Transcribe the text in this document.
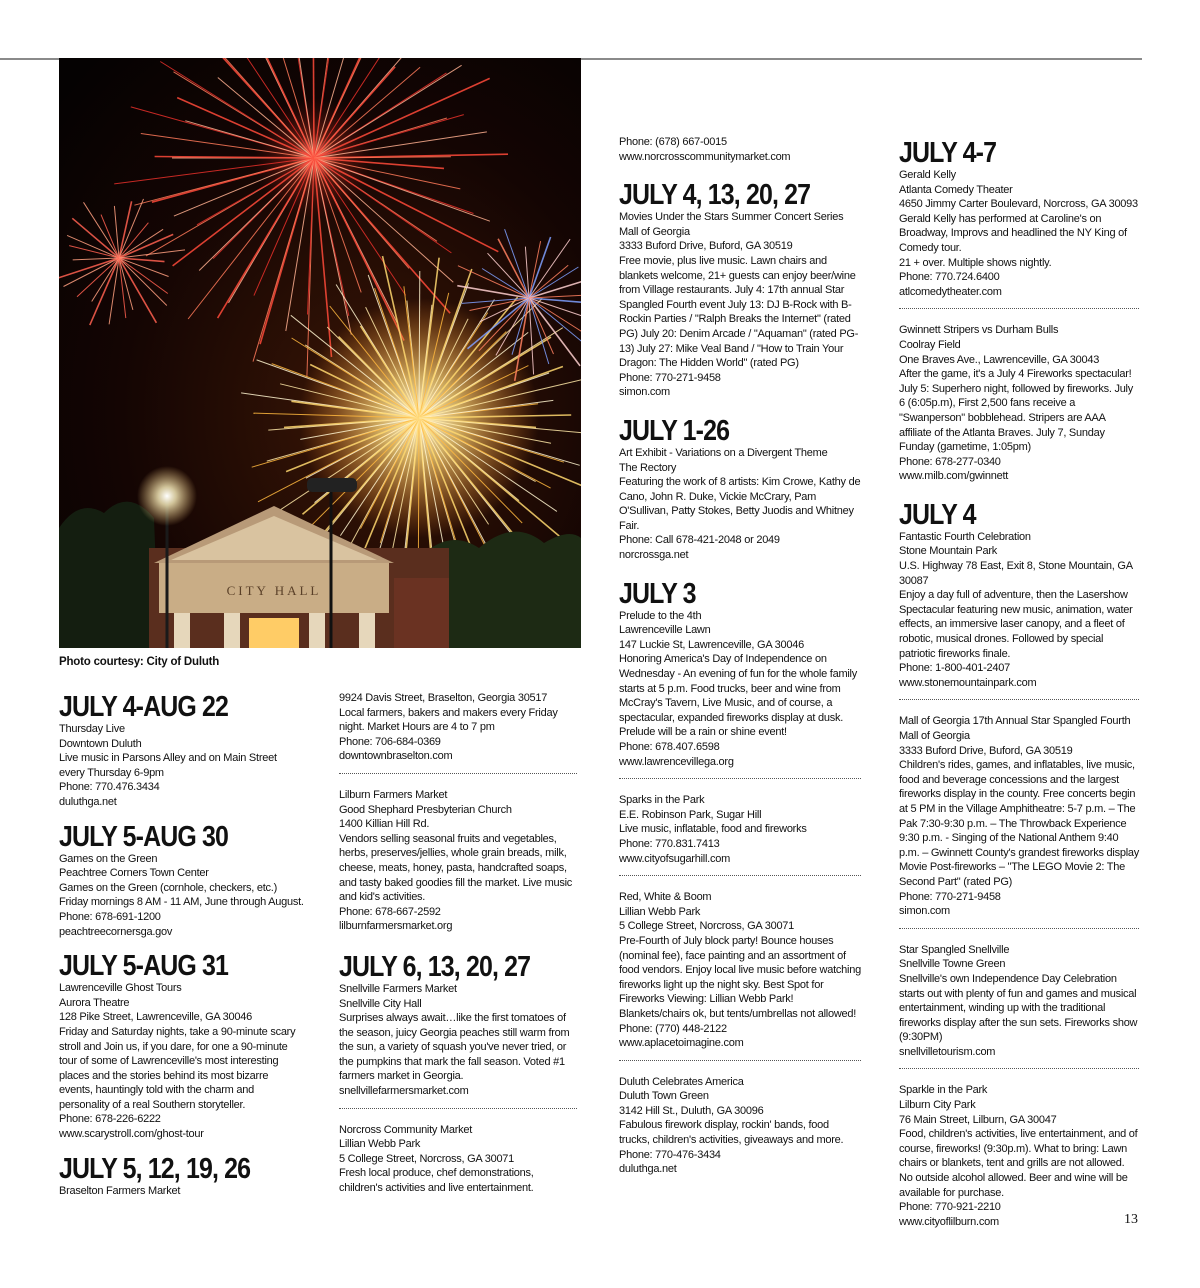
CITY HALL
Photo courtesy: City of Duluth

JULY 4-AUG 22

Thursday Live
Downtown Duluth
Live music in Parsons Alley and on Main Street every Thursday 6-9pm
Phone: 770.476.3434
duluthga.net

JULY 5-AUG 30

Games on the Green
Peachtree Corners Town Center
Games on the Green (cornhole, checkers, etc.) Friday mornings 8 AM - 11 AM, June through August.
Phone: 678-691-1200
peachtreecornersga.gov

JULY 5-AUG 31

Lawrenceville Ghost Tours
Aurora Theatre
128 Pike Street, Lawrenceville, GA 30046
Friday and Saturday nights, take a 90-minute scary stroll and Join us, if you dare, for one a 90-minute tour of some of Lawrenceville's most interesting places and the stories behind its most bizarre events, hauntingly told with the charm and personality of a real Southern storyteller.
Phone: 678-226-6222
www.scarystroll.com/ghost-tour

JULY 5, 12, 19, 26

Braselton Farmers Market

9924 Davis Street, Braselton, Georgia 30517
Local farmers, bakers and makers every Friday night. Market Hours are 4 to 7 pm
Phone: 706-684-0369
downtownbraselton.com

Lilburn Farmers Market
Good Shephard Presbyterian Church
1400 Killian Hill Rd.
Vendors selling seasonal fruits and vegetables, herbs, preserves/jellies, whole grain breads, milk, cheese, meats, honey, pasta, handcrafted soaps, and tasty baked goodies fill the market. Live music and kid's activities.
Phone: 678-667-2592
lilburnfarmersmarket.org

JULY 6, 13, 20, 27

Snellville Farmers Market
Snellville City Hall
Surprises always await…like the first tomatoes of the season, juicy Georgia peaches still warm from the sun, a variety of squash you've never tried, or the pumpkins that mark the fall season. Voted #1 farmers market in Georgia.
snellvillefarmersmarket.com

Norcross Community Market
Lillian Webb Park
5 College Street, Norcross, GA 30071
Fresh local produce, chef demonstrations, children's activities and live entertainment.

Phone: (678) 667-0015
www.norcrosscommunitymarket.com

JULY 4, 13, 20, 27

Movies Under the Stars Summer Concert Series
Mall of Georgia
3333 Buford Drive, Buford, GA 30519
Free movie, plus live music. Lawn chairs and blankets welcome, 21+ guests can enjoy beer/wine from Village restaurants. July 4: 17th annual Star Spangled Fourth event July 13: DJ B-Rock with B-Rockin Parties / "Ralph Breaks the Internet" (rated PG) July 20: Denim Arcade / "Aquaman" (rated PG-13) July 27: Mike Veal Band / "How to Train Your Dragon: The Hidden World" (rated PG)
Phone: 770-271-9458
simon.com

JULY 1-26

Art Exhibit - Variations on a Divergent Theme
The Rectory
Featuring the work of 8 artists: Kim Crowe, Kathy de Cano, John R. Duke, Vickie McCrary, Pam O'Sullivan, Patty Stokes, Betty Juodis and Whitney Fair.
Phone: Call 678-421-2048 or 2049
norcrossga.net

JULY 3

Prelude to the 4th
Lawrenceville Lawn
147 Luckie St, Lawrenceville, GA 30046
Honoring America's Day of Independence on Wednesday - An evening of fun for the whole family starts at 5 p.m. Food trucks, beer and wine from McCray's Tavern, Live Music, and of course, a spectacular, expanded fireworks display at dusk. Prelude will be a rain or shine event!
Phone: 678.407.6598
www.lawrencevillega.org

Sparks in the Park
E.E. Robinson Park, Sugar Hill
Live music, inflatable, food and fireworks
Phone: 770.831.7413
www.cityofsugarhill.com

Red, White & Boom
Lillian Webb Park
5 College Street, Norcross, GA 30071
Pre-Fourth of July block party! Bounce houses (nominal fee), face painting and an assortment of food vendors. Enjoy local live music before watching fireworks light up the night sky. Best Spot for Fireworks Viewing: Lillian Webb Park! Blankets/chairs ok, but tents/umbrellas not allowed!
Phone: (770) 448-2122
www.aplacetoimagine.com

Duluth Celebrates America
Duluth Town Green
3142 Hill St., Duluth, GA 30096
Fabulous firework display, rockin' bands, food trucks, children's activities, giveaways and more.
Phone: 770-476-3434
duluthga.net

JULY 4-7

Gerald Kelly
Atlanta Comedy Theater
4650 Jimmy Carter Boulevard, Norcross, GA 30093
Gerald Kelly has performed at Caroline's on Broadway, Improvs and headlined the NY King of Comedy tour.
21 + over. Multiple shows nightly.
Phone: 770.724.6400
atlcomedytheater.com

Gwinnett Stripers vs Durham Bulls
Coolray Field
One Braves Ave., Lawrenceville, GA 30043
After the game, it's a July 4 Fireworks spectacular! July 5: Superhero night, followed by fireworks. July 6 (6:05p.m), First 2,500 fans receive a "Swanperson" bobblehead. Stripers are AAA affiliate of the Atlanta Braves. July 7, Sunday Funday (gametime, 1:05pm)
Phone: 678-277-0340
www.milb.com/gwinnett

JULY 4

Fantastic Fourth Celebration
Stone Mountain Park
U.S. Highway 78 East, Exit 8, Stone Mountain, GA 30087
Enjoy a day full of adventure, then the Lasershow Spectacular featuring new music, animation, water effects, an immersive laser canopy, and a fleet of robotic, musical drones. Followed by special patriotic fireworks finale.
Phone: 1-800-401-2407
www.stonemountainpark.com

Mall of Georgia 17th Annual Star Spangled Fourth
Mall of Georgia
3333 Buford Drive, Buford, GA 30519
Children's rides, games, and inflatables, live music, food and beverage concessions and the largest fireworks display in the county. Free concerts begin at 5 PM in the Village Amphitheatre: 5-7 p.m. – The Pak 7:30-9:30 p.m. – The Throwback Experience 9:30 p.m. - Singing of the National Anthem 9:40 p.m. – Gwinnett County's grandest fireworks display Movie Post-fireworks – "The LEGO Movie 2: The Second Part" (rated PG)
Phone: 770-271-9458
simon.com

Star Spangled Snellville
Snellville Towne Green
Snellville's own Independence Day Celebration starts out with plenty of fun and games and musical entertainment, winding up with the traditional fireworks display after the sun sets. Fireworks show (9:30PM)
snellvilletourism.com

Sparkle in the Park
Lilburn City Park
76 Main Street, Lilburn, GA 30047
Food, children's activities, live entertainment, and of course, fireworks! (9:30p.m). What to bring: Lawn chairs or blankets, tent and grills are not allowed. No outside alcohol allowed. Beer and wine will be available for purchase.
Phone: 770-921-2210
www.cityoflilburn.com	13
